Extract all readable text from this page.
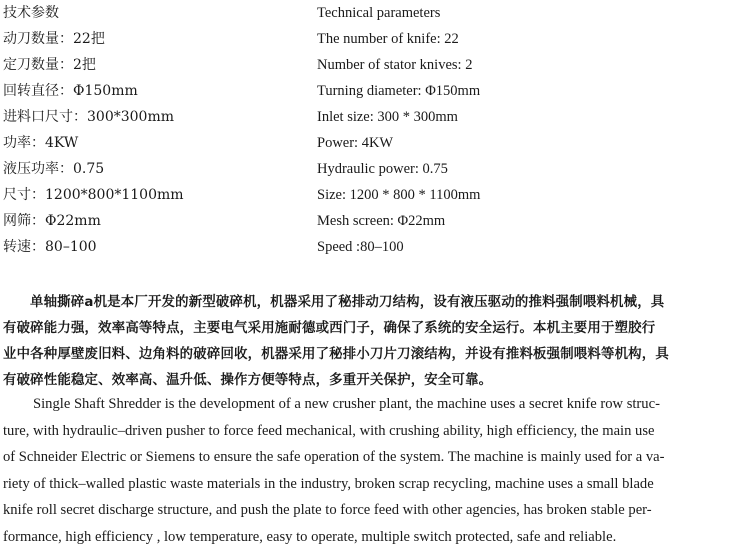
技术参数
动刀数量：22把
定刀数量：2把
回转直径：Φ150mm
进料口尺寸：300*300mm
功率：4KW
液压功率：0.75
尺寸：1200*800*1100mm
网筛：Φ22mm
转速：80–100
Technical parameters
The number of knife: 22
Number of stator knives: 2
Turning diameter: Φ150mm
Inlet size: 300 * 300mm
Power: 4KW
Hydraulic power: 0.75
Size: 1200 * 800 * 1100mm
Mesh screen: Φ22mm
Speed :80–100
单轴撕碎a机是本厂开发的新型破碎机，机器采用了秘排动刀结构，设有液压驱动的推料强制喂料机械，具
有破碎能力强，效率高等特点，主要电气采用施耐德或西门子，确保了系统的安全运行。本机主要用于塑胶行
业中各种厚壁废旧料、边角料的破碎回收，机器采用了秘排小刀片刀滚结构，并设有推料板强制喂料等机构，具
有破碎性能稳定、效率高、温升低、操作方便等特点，多重开关保护，安全可靠。
Single Shaft Shredder is the development of a new crusher plant, the machine uses a secret knife row struc-
ture, with hydraulic–driven pusher to force feed mechanical, with crushing ability, high efficiency, the main use
of Schneider Electric or Siemens to ensure the safe operation of the system. The machine is mainly used for a va-
riety of thick–walled plastic waste materials in the industry, broken scrap recycling, machine uses a small blade
knife roll secret discharge structure, and push the plate to force feed with other agencies, has broken stable per-
formance, high efficiency , low temperature, easy to operate, multiple switch protected, safe and reliable.
